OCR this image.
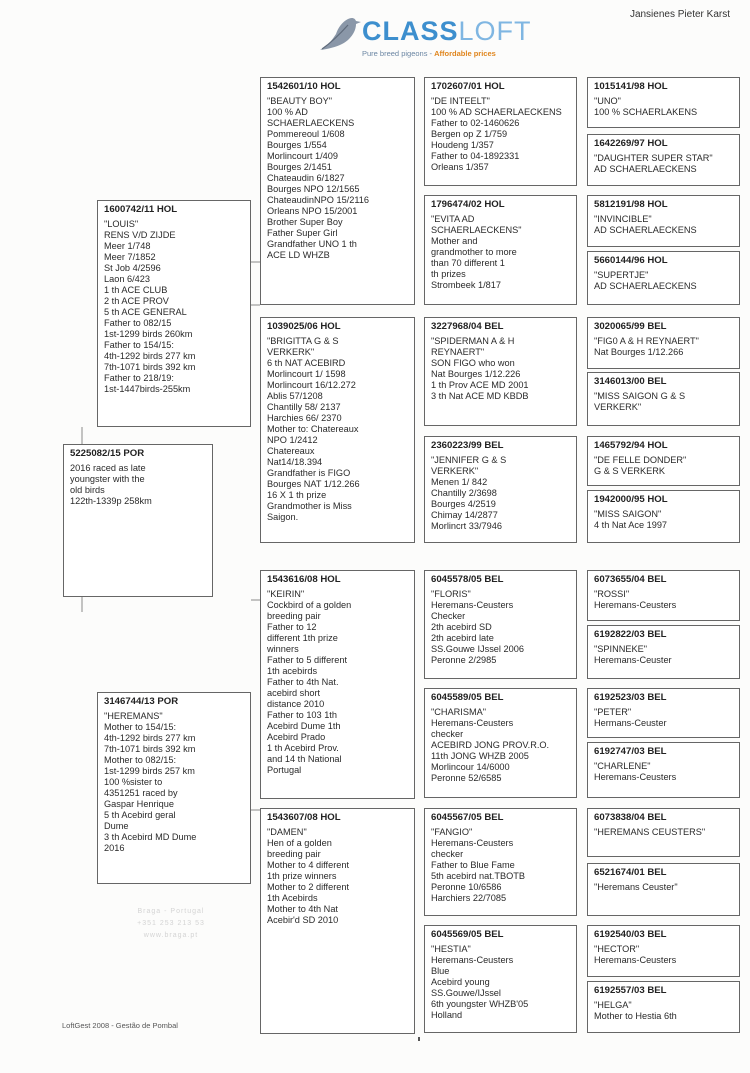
Jansienes Pieter Karst
CLASSLOFT
Pure breed pigeons - Affordable prices
5225082/15 POR
2016 raced as late
youngster with the
old birds
122th-1339p 258km
1600742/11 HOL
"LOUIS"
RENS V/D ZIJDE
Meer 1/748
Meer 7/1852
St Job 4/2596
Laon 6/423
1 th ACE CLUB
2 th ACE PROV
5 th ACE GENERAL
Father to 082/15
1st-1299 birds 260km
Father to 154/15:
4th-1292 birds 277 km
7th-1071 birds 392 km
Father to 218/19:
1st-1447birds-255km
3146744/13 POR
"HEREMANS"
Mother to 154/15:
4th-1292 birds 277 km
7th-1071 birds 392 km
Mother to 082/15:
1st-1299 birds 257 km
100 %sister to
4351251 raced by
Gaspar Henrique
5 th Acebird geral
Dume
3 th Acebird MD Dume
2016
1542601/10 HOL
"BEAUTY BOY"
100 % AD
SCHAERLAECKENS
Pommereoul 1/608
Bourges 1/554
Morlincourt 1/409
Bourges 2/1451
Chateaudin 6/1827
Bourges NPO 12/1565
ChateaudinNPO 15/2116
Orleans NPO 15/2001
Brother Super Boy
Father Super Girl
Grandfather UNO 1 th
ACE LD WHZB
1039025/06 HOL
"BRIGITTA G & S
VERKERK"
6 th NAT ACEBIRD
Morlincourt 1/ 1598
Morlincourt 16/12.272
Ablis 57/1208
Chantilly 58/ 2137
Harchies 66/ 2370
Mother to: Chatereaux
NPO 1/2412
Chatereaux
Nat14/18.394
Grandfather is FIGO
Bourges NAT 1/12.266
16 X 1 th prize
Grandmother is Miss
Saigon.
1543616/08 HOL
"KEIRIN"
Cockbird of a golden
breeding pair
Father to 12
different 1th prize
winners
Father to 5 different
1th acebirds
Father to 4th Nat.
acebird short
distance 2010
Father to 103 1th
Acebird Dume 1th
Acebird Prado
1 th Acebird Prov.
and 14 th National
Portugal
1543607/08 HOL
"DAMEN"
Hen of a golden
breeding pair
Mother to 4 different
1th prize winners
Mother to 2 different
1th Acebirds
Mother to 4th Nat
Acebir'd SD 2010
1702607/01 HOL
"DE INTEELT"
100 % AD SCHAERLAECKENS
Father to 02-1460626
Bergen op Z 1/759
Houdeng 1/357
Father to 04-1892331
Orleans 1/357
1796474/02 HOL
"EVITA AD
SCHAERLAECKENS"
Mother and
grandmother to more
than 70 different 1
th prizes
Strombeek 1/817
3227968/04 BEL
"SPIDERMAN A & H
REYNAERT"
SON FIGO who won
Nat Bourges 1/12.226
1 th Prov ACE MD 2001
3 th Nat ACE MD KBDB
2360223/99 BEL
"JENNIFER G & S
VERKERK"
Menen 1/ 842
Chantilly 2/3698
Bourges 4/2519
Chimay 14/2877
Morlincrt 33/7946
6045578/05 BEL
"FLORIS"
Heremans-Ceusters
Checker
2th acebird SD
2th acebird late
SS.Gouwe IJssel 2006
Peronne 2/2985
6045589/05 BEL
"CHARISMA"
Heremans-Ceusters
checker
ACEBIRD JONG PROV.R.O.
11th JONG WHZB 2005
Morlincour 14/6000
Peronne 52/6585
6045567/05 BEL
"FANGIO"
Heremans-Ceusters
checker
Father to Blue Fame
5th acebird nat.TBOTB
Peronne 10/6586
Harchiers 22/7085
6045569/05 BEL
"HESTIA"
Heremans-Ceusters
Blue
Acebird young
SS.Gouwe/IJssel
6th youngster WHZB'05
Holland
1015141/98 HOL
"UNO"
100 % SCHAERLAKENS
1642269/97 HOL
"DAUGHTER SUPER STAR"
AD SCHAERLAECKENS
5812191/98 HOL
"INVINCIBLE"
AD SCHAERLAECKENS
5660144/96 HOL
"SUPERTJE"
AD SCHAERLAECKENS
3020065/99 BEL
"FIG0 A & H REYNAERT"
Nat Bourges 1/12.266
3146013/00 BEL
"MISS SAIGON G & S
VERKERK"
1465792/94 HOL
"DE FELLE DONDER"
G & S VERKERK
1942000/95 HOL
"MISS SAIGON"
4 th Nat Ace 1997
6073655/04 BEL
"ROSSI"
Heremans-Ceusters
6192822/03 BEL
"SPINNEKE"
Heremans-Ceuster
6192523/03 BEL
"PETER"
Hermans-Ceuster
6192747/03 BEL
"CHARLENE"
Heremans-Ceusters
6073838/04 BEL
"HEREMANS CEUSTERS"
6521674/01 BEL
"Heremans Ceuster"
6192540/03 BEL
"HECTOR"
Heremans-Ceusters
6192557/03 BEL
"HELGA"
Mother to Hestia 6th
Braga - Portugal
+351 253 213 53
www.braga.pt
LoftGest 2008 - Gestão de Pombal
